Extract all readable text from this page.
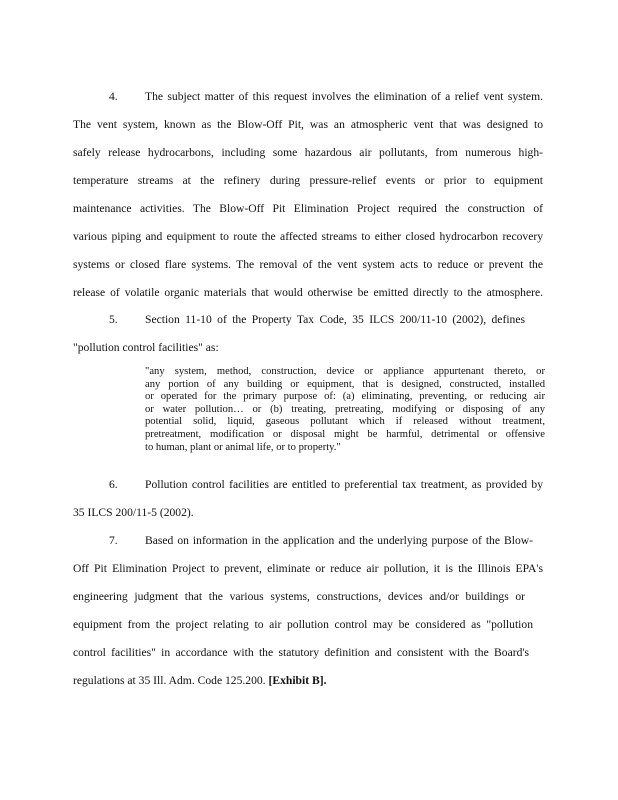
4. The subject matter of this request involves the elimination of a relief vent system.
The vent system, known as the Blow-Off Pit, was an atmospheric vent that was designed to
safely release hydrocarbons, including some hazardous air pollutants, from numerous high-
temperature streams at the refinery during pressure-relief events or prior to equipment
maintenance activities. The Blow-Off Pit Elimination Project required the construction of
various piping and equipment to route the affected streams to either closed hydrocarbon recovery
systems or closed flare systems. The removal of the vent system acts to reduce or prevent the
release of volatile organic materials that would otherwise be emitted directly to the atmosphere.
5. Section 11-10 of the Property Tax Code, 35 ILCS 200/11-10 (2002), defines
"pollution control facilities" as:
"any system, method, construction, device or appliance appurtenant thereto, or
any portion of any building or equipment, that is designed, constructed, installed
or operated for the primary purpose of: (a) eliminating, preventing, or reducing air
or water pollution… or (b) treating, pretreating, modifying or disposing of any
potential solid, liquid, gaseous pollutant which if released without treatment,
pretreatment, modification or disposal might be harmful, detrimental or offensive
to human, plant or animal life, or to property."
6. Pollution control facilities are entitled to preferential tax treatment, as provided by
35 ILCS 200/11-5 (2002).
7. Based on information in the application and the underlying purpose of the Blow-
Off Pit Elimination Project to prevent, eliminate or reduce air pollution, it is the Illinois EPA's
engineering judgment that the various systems, constructions, devices and/or buildings or
equipment from the project relating to air pollution control may be considered as "pollution
control facilities" in accordance with the statutory definition and consistent with the Board's
regulations at 35 Ill. Adm. Code 125.200. [Exhibit B].
